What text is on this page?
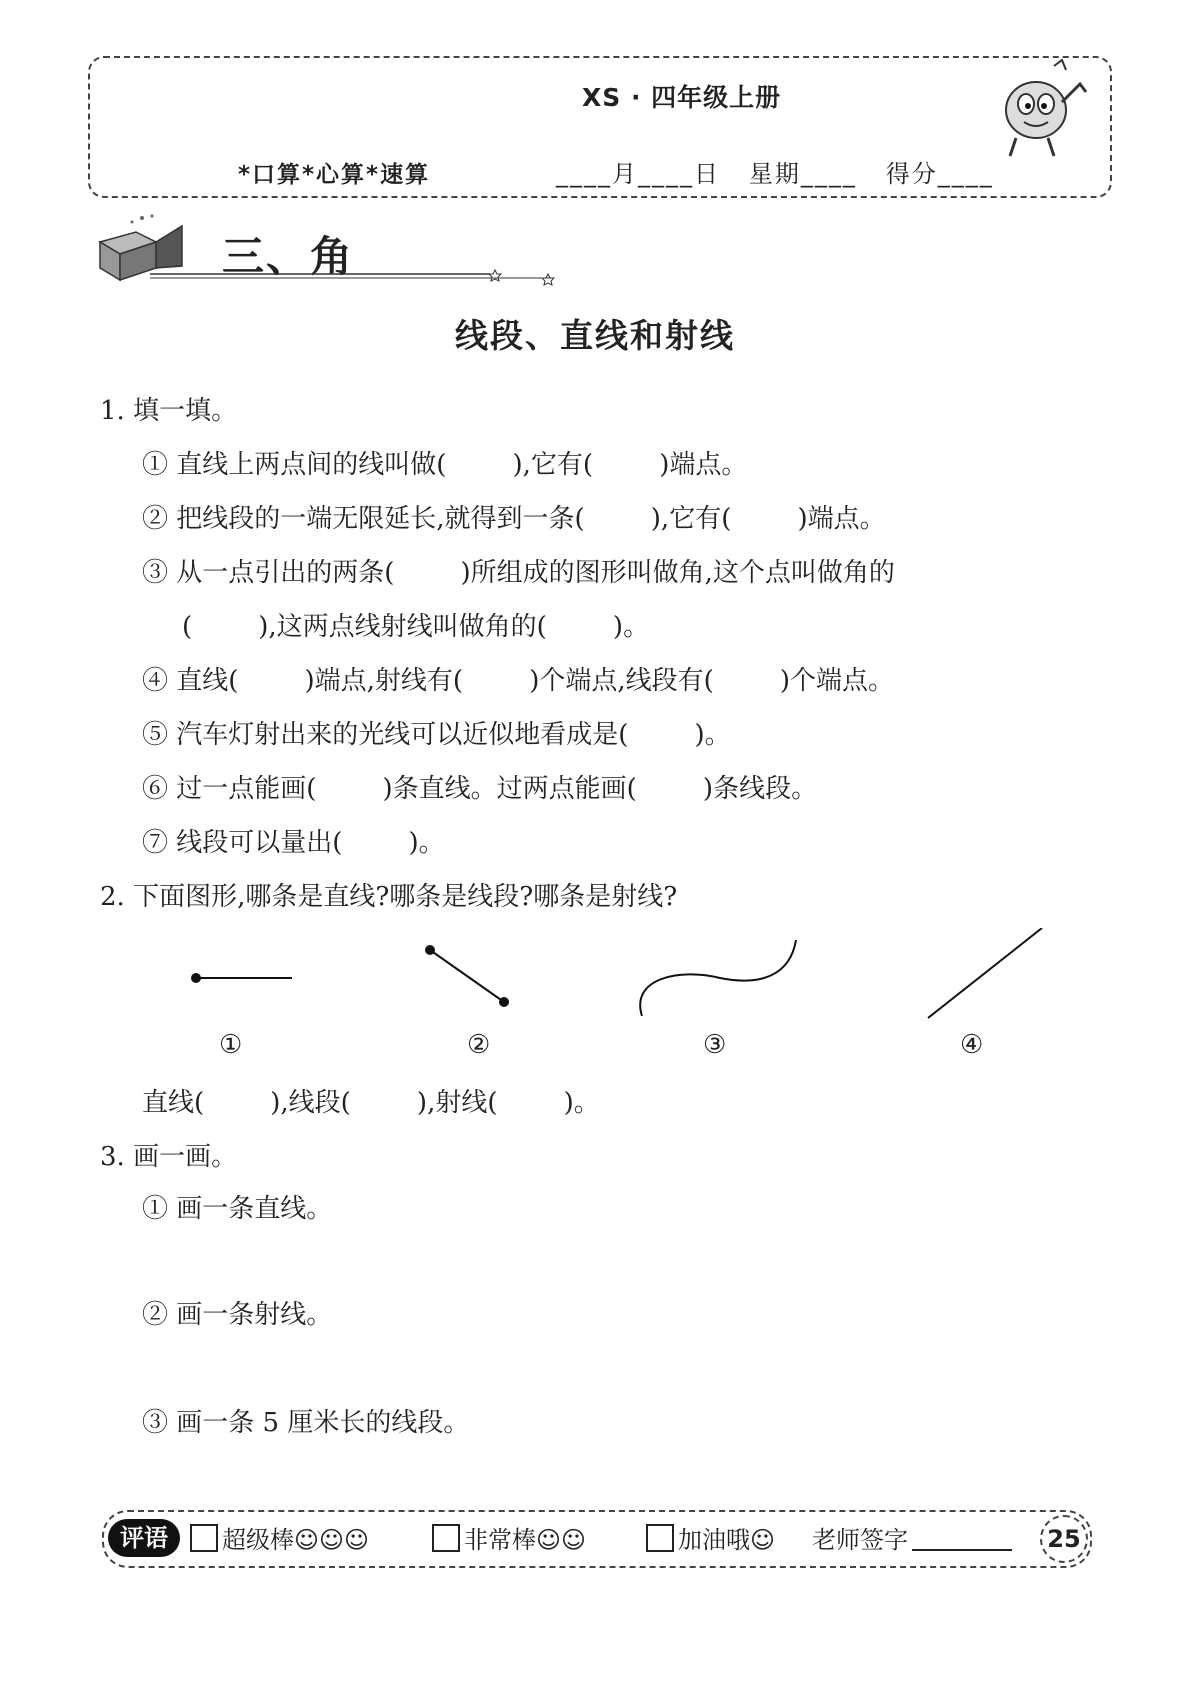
XS · 四年级上册
*口算*心算*速算	____月____日   星期____   得分____
三、角
线段、直线和射线
1. 填一填。
① 直线上两点间的线叫做(        ),它有(        )端点。
② 把线段的一端无限延长,就得到一条(        ),它有(        )端点。
③ 从一点引出的两条(        )所组成的图形叫做角,这个点叫做角的
(        ),这两点线射线叫做角的(        )。
④ 直线(        )端点,射线有(        )个端点,线段有(        )个端点。
⑤ 汽车灯射出来的光线可以近似地看成是(        )。
⑥ 过一点能画(        )条直线。过两点能画(        )条线段。
⑦ 线段可以量出(        )。
2. 下面图形,哪条是直线?哪条是线段?哪条是射线?
①	②	③	④
直线(        ),线段(        ),射线(        )。
3. 画一画。
① 画一条直线。
② 画一条射线。
③ 画一条 5 厘米长的线段。
评语	超级棒☺☺☺	非常棒☺☺	加油哦☺ 老师签字	25
